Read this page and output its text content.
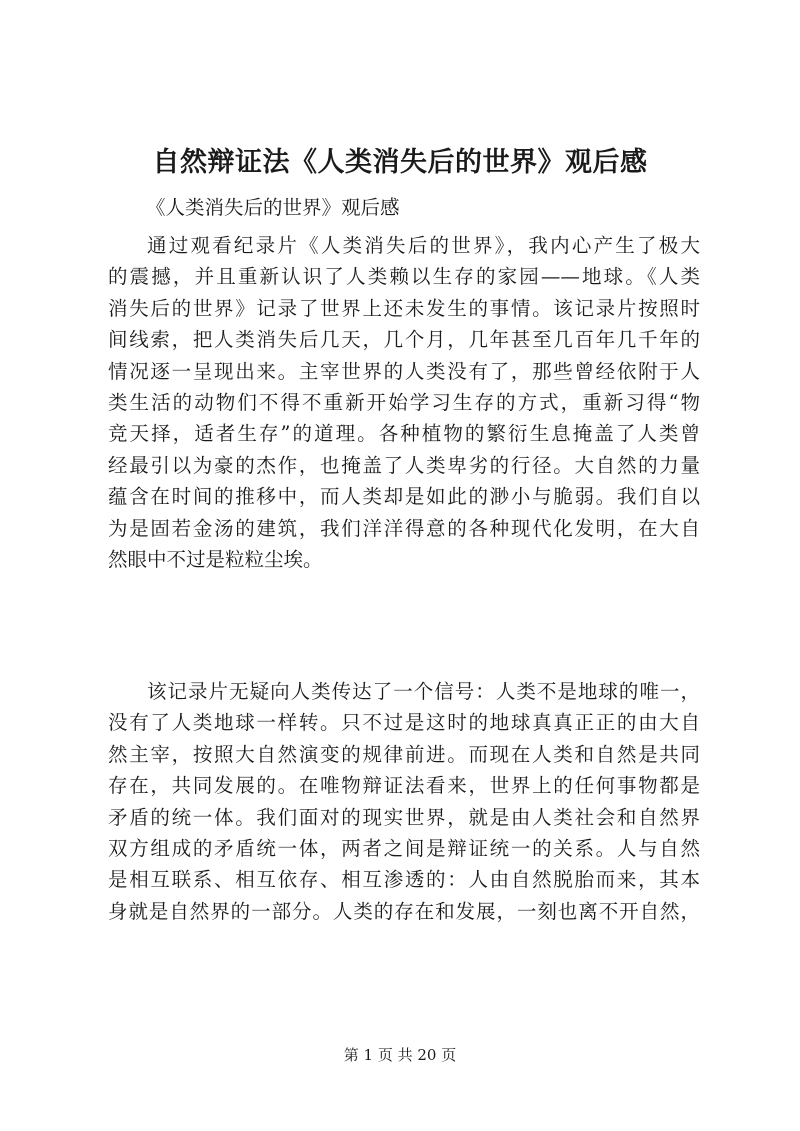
自然辩证法《人类消失后的世界》观后感
《人类消失后的世界》观后感
通过观看纪录片《人类消失后的世界》，我内心产生了极大
的震撼，并且重新认识了人类赖以生存的家园——地球。《人类
消失后的世界》记录了世界上还未发生的事情。该记录片按照时
间线索，把人类消失后几天，几个月，几年甚至几百年几千年的
情况逐一呈现出来。主宰世界的人类没有了，那些曾经依附于人
类生活的动物们不得不重新开始学习生存的方式，重新习得“物
竞天择，适者生存”的道理。各种植物的繁衍生息掩盖了人类曾
经最引以为豪的杰作，也掩盖了人类卑劣的行径。大自然的力量
蕴含在时间的推移中，而人类却是如此的渺小与脆弱。我们自以
为是固若金汤的建筑，我们洋洋得意的各种现代化发明，在大自
然眼中不过是粒粒尘埃。
该记录片无疑向人类传达了一个信号：人类不是地球的唯一，
没有了人类地球一样转。只不过是这时的地球真真正正的由大自
然主宰，按照大自然演变的规律前进。而现在人类和自然是共同
存在，共同发展的。在唯物辩证法看来，世界上的任何事物都是
矛盾的统一体。我们面对的现实世界，就是由人类社会和自然界
双方组成的矛盾统一体，两者之间是辩证统一的关系。人与自然
是相互联系、相互依存、相互渗透的：人由自然脱胎而来，其本
身就是自然界的一部分。人类的存在和发展，一刻也离不开自然，
第 1 页 共 20 页
